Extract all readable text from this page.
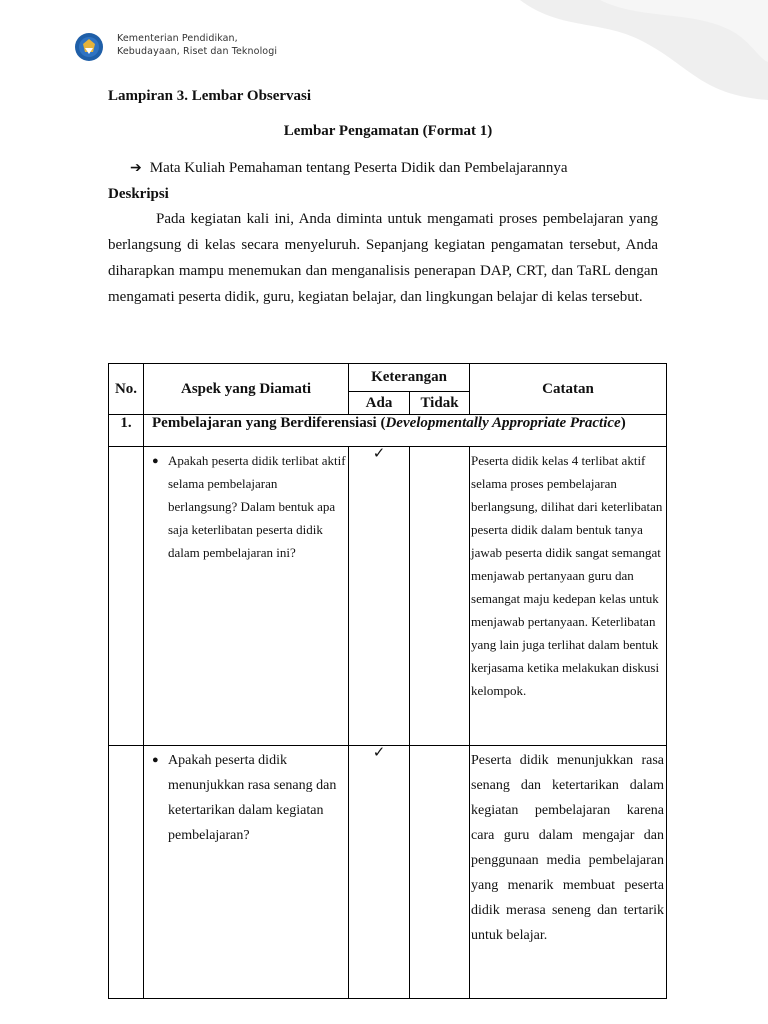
Kementerian Pendidikan,
Kebudayaan, Riset dan Teknologi
Lampiran 3. Lembar Observasi
Lembar Pengamatan (Format 1)
➔ Mata Kuliah Pemahaman tentang Peserta Didik dan Pembelajarannya
Deskripsi
Pada kegiatan kali ini, Anda diminta untuk mengamati proses pembelajaran yang berlangsung di kelas secara menyeluruh. Sepanjang kegiatan pengamatan tersebut, Anda diharapkan mampu menemukan dan menganalisis penerapan DAP, CRT, dan TaRL dengan mengamati peserta didik, guru, kegiatan belajar, dan lingkungan belajar di kelas tersebut.
No.	Aspek yang Diamati	Keterangan		Catatan
		Ada	Tidak	
1.	Pembelajaran yang Berdiferensiasi (Developmentally Appropriate Practice)			

	● Apakah peserta didik terlibat aktif selama pembelajaran berlangsung? Dalam bentuk apa saja keterlibatan peserta didik dalam pembelajaran ini?	✓		Peserta didik kelas 4 terlibat aktif selama proses pembelajaran berlangsung, dilihat dari keterlibatan peserta didik dalam bentuk tanya jawab peserta didik sangat semangat menjawab pertanyaan guru dan semangat maju kedepan kelas untuk menjawab pertanyaan. Keterlibatan yang lain juga terlihat dalam bentuk kerjasama ketika melakukan diskusi kelompok.

	● Apakah peserta didik menunjukkan rasa senang dan ketertarikan dalam kegiatan pembelajaran?	✓		Peserta didik menunjukkan rasa senang dan ketertarikan dalam kegiatan pembelajaran karena cara guru dalam mengajar dan penggunaan media pembelajaran yang menarik membuat peserta didik merasa seneng dan tertarik untuk belajar.
